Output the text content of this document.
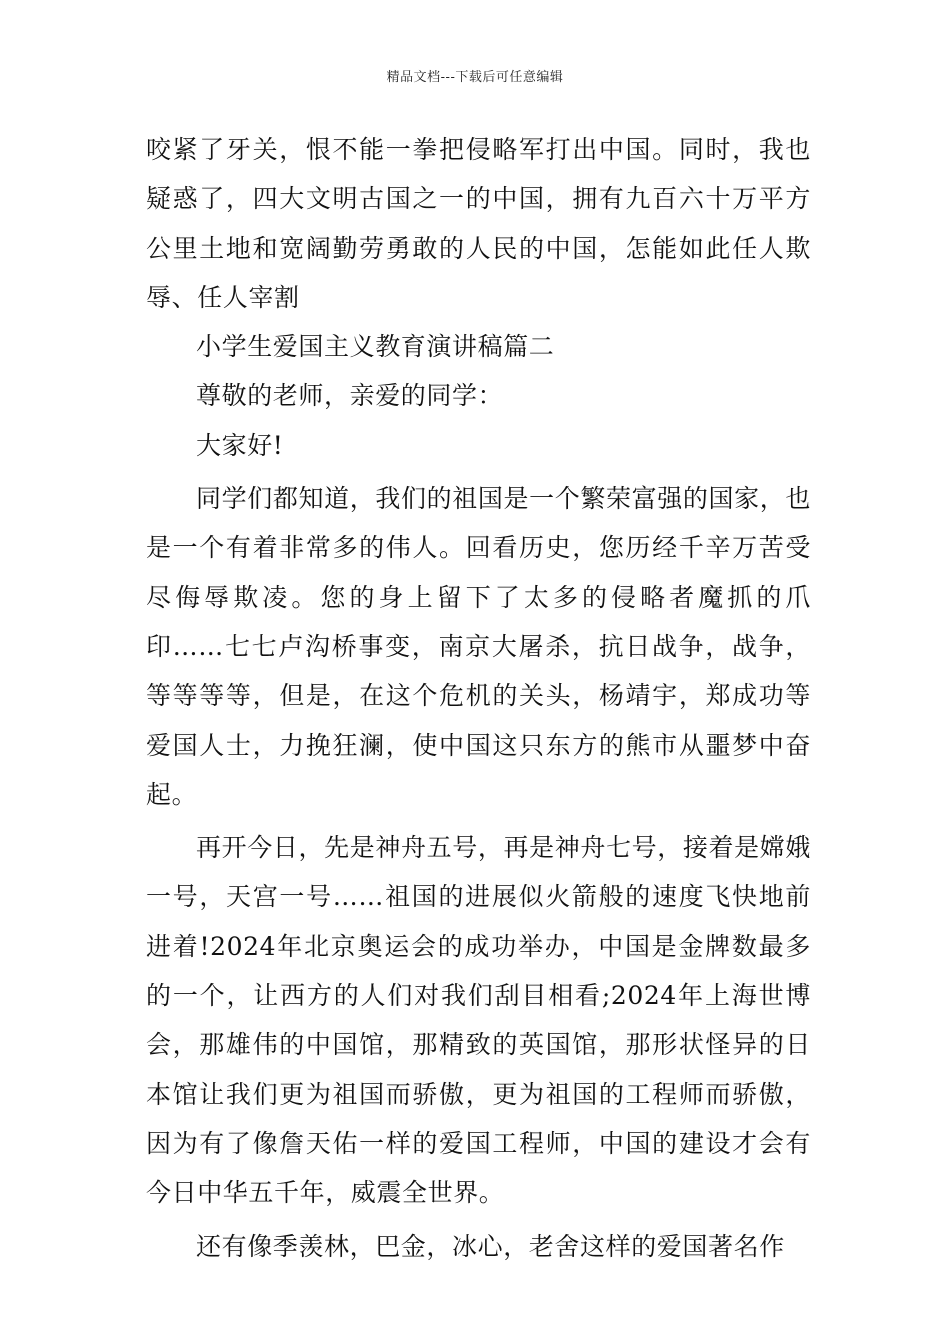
精品文档---下载后可任意编辑

咬紧了牙关，恨不能一拳把侵略军打出中国。同时，我也疑惑了，四大文明古国之一的中国，拥有九百六十万平方公里土地和宽阔勤劳勇敢的人民的中国，怎能如此任人欺辱、任人宰割

小学生爱国主义教育演讲稿篇二

尊敬的老师，亲爱的同学：

大家好!

同学们都知道，我们的祖国是一个繁荣富强的国家，也是一个有着非常多的伟人。回看历史，您历经千辛万苦受尽侮辱欺凌。您的身上留下了太多的侵略者魔抓的爪印……七七卢沟桥事变，南京大屠杀，抗日战争，战争，等等等等，但是，在这个危机的关头，杨靖宇，郑成功等爱国人士，力挽狂澜，使中国这只东方的熊市从噩梦中奋起。

再开今日，先是神舟五号，再是神舟七号，接着是嫦娥一号，天宫一号……祖国的进展似火箭般的速度飞快地前进着!2024年北京奥运会的成功举办，中国是金牌数最多的一个，让西方的人们对我们刮目相看;2024年上海世博会，那雄伟的中国馆，那精致的英国馆，那形状怪异的日本馆让我们更为祖国而骄傲，更为祖国的工程师而骄傲，因为有了像詹天佑一样的爱国工程师，中国的建设才会有今日中华五千年，威震全世界。

还有像季羡林，巴金，冰心，老舍这样的爱国著名作
